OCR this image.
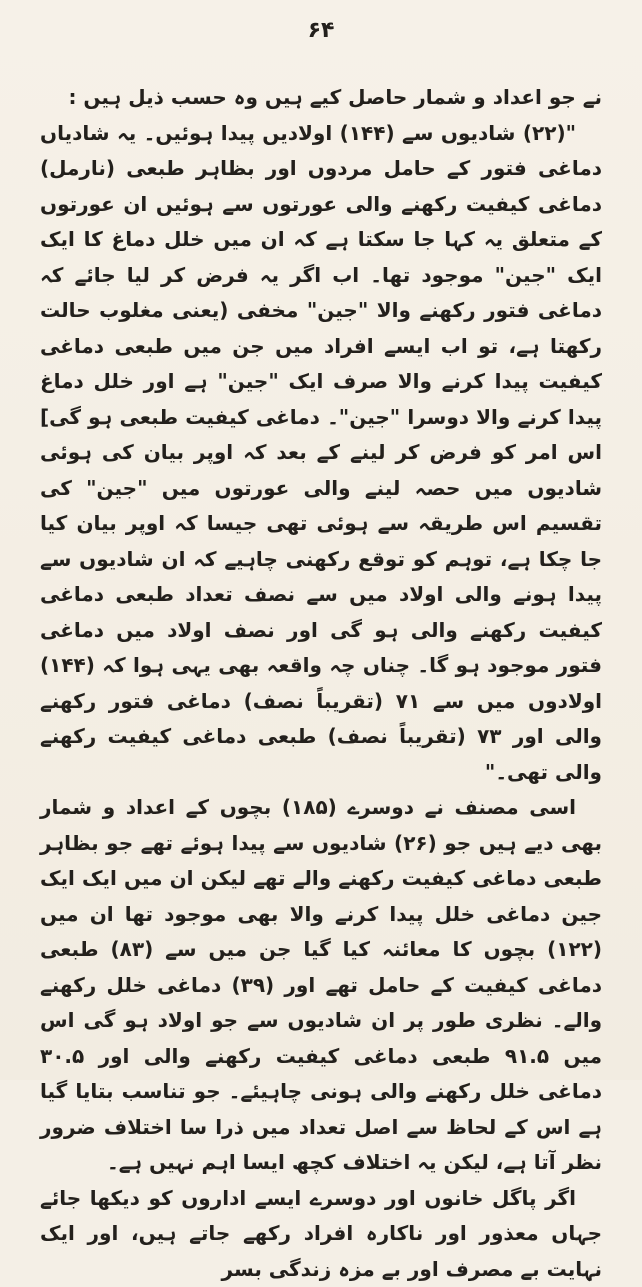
۶۴

نے جو اعداد و شمار حاصل کیے ہیں وہ حسب ذیل ہیں :

"(۲۲) شادیوں سے (۱۴۴) اولادیں پیدا ہوئیں۔ یہ شادیاں دماغی فتور کے حامل مردوں اور بظاہر طبعی (نارمل) دماغی کیفیت رکھنے والی عورتوں سے ہوئیں ان عورتوں کے متعلق یہ کہا جا سکتا ہے کہ ان میں خلل دماغ کا ایک ایک "جین" موجود تھا۔ اب اگر یہ فرض کر لیا جائے کہ دماغی فتور رکھنے والا "جین" مخفی (یعنی مغلوب حالت رکھتا ہے، تو اب ایسے افراد میں جن میں طبعی دماغی کیفیت پیدا کرنے والا صرف ایک "جین" ہے اور خلل دماغ پیدا کرنے والا دوسرا "جین"۔ دماغی کیفیت طبعی ہو گی] اس امر کو فرض کر لینے کے بعد کہ اوپر بیان کی ہوئی شادیوں میں حصہ لینے والی عورتوں میں "جین" کی تقسیم اس طریقہ سے ہوئی تھی جیسا کہ اوپر بیان کیا جا چکا ہے، توہم کو توقع رکھنی چاہیے کہ ان شادیوں سے پیدا ہونے والی اولاد میں سے نصف تعداد طبعی دماغی کیفیت رکھنے والی ہو گی اور نصف اولاد میں دماغی فتور موجود ہو گا۔ چناں چہ واقعہ بھی یہی ہوا کہ (۱۴۴) اولادوں میں سے ۷۱ (تقریباً نصف) دماغی فتور رکھنے والی اور ۷۳ (تقریباً نصف) طبعی دماغی کیفیت رکھنے والی تھی۔"

اسی مصنف نے دوسرے (۱۸۵) بچوں کے اعداد و شمار بھی دیے ہیں جو (۲۶) شادیوں سے پیدا ہوئے تھے جو بظاہر طبعی دماغی کیفیت رکھنے والے تھے لیکن ان میں ایک ایک جین دماغی خلل پیدا کرنے والا بھی موجود تھا ان میں (۱۲۲) بچوں کا معائنہ کیا گیا جن میں سے (۸۳) طبعی دماغی کیفیت کے حامل تھے اور (۳۹) دماغی خلل رکھنے والے۔ نظری طور پر ان شادیوں سے جو اولاد ہو گی اس میں ۹۱.۵ طبعی دماغی کیفیت رکھنے والی اور ۳۰.۵ دماغی خلل رکھنے والی ہونی چاہیئے۔ جو تناسب بتایا گیا ہے اس کے لحاظ سے اصل تعداد میں ذرا سا اختلاف ضرور نظر آتا ہے، لیکن یہ اختلاف کچھ ایسا اہم نہیں ہے۔

اگر پاگل خانوں اور دوسرے ایسے اداروں کو دیکھا جائے جہاں معذور اور ناکارہ افراد رکھے جاتے ہیں، اور ایک نہایت بے مصرف اور بے مزہ زندگی بسر
